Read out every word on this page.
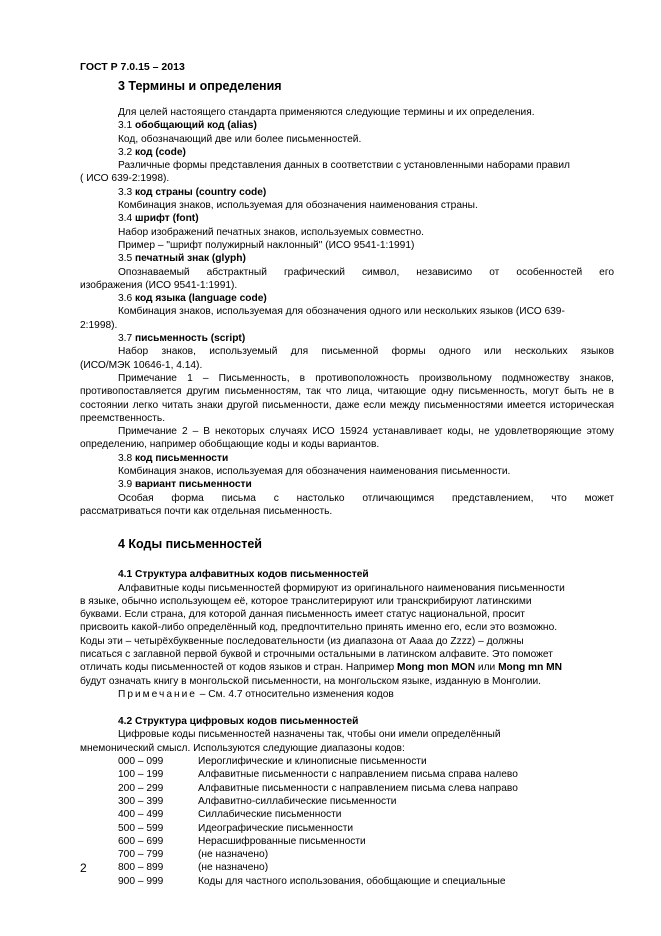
ГОСТ Р 7.0.15 – 2013

3 Термины и определения

Для целей настоящего стандарта применяются следующие термины и их определения.

3.1 обобщающий код (alias)

Код, обозначающий две или более письменностей.

3.2 код (code)

Различные формы представления данных в соответствии с установленными наборами правил

( ИСО 639-2:1998).

3.3 код страны (country code)

Комбинация знаков, используемая для обозначения наименования страны.

3.4 шрифт (font)

Набор изображений печатных знаков, используемых совместно.

Пример – "шрифт полужирный наклонный" (ИСО 9541-1:1991)

3.5 печатный знак (glyph)

Опознаваемый абстрактный графический символ, независимо от особенностей его

изображения (ИСО 9541-1:1991).

3.6 код языка (language code)

Комбинация знаков, используемая для обозначения одного или нескольких языков (ИСО 639-

2:1998).

3.7 письменность (script)

Набор знаков, используемый для письменной формы одного или нескольких языков

(ИСО/МЭК 10646-1, 4.14).

Примечание 1 – Письменность, в противоположность произвольному подмножеству знаков, противопоставляется другим письменностям, так что лица, читающие одну письменность, могут быть не в состоянии легко читать знаки другой письменности, даже если между письменностями имеется историческая преемственность.

Примечание 2 – В некоторых случаях ИСО 15924 устанавливает коды, не удовлетворяющие этому определению, например обобщающие коды и коды вариантов.

3.8 код письменности

Комбинация знаков, используемая для обозначения наименования письменности.

3.9 вариант письменности

Особая форма письма с настолько отличающимся представлением, что может

рассматриваться почти как отдельная письменность.

4 Коды письменностей

4.1 Структура алфавитных кодов письменностей

Алфавитные коды письменностей формируют из оригинального наименования письменности

в языке, обычно использующем её, которое транслитерируют или транскрибируют латинскими

буквами. Если страна, для которой данная письменность имеет статус национальной, просит

присвоить какой-либо определённый код, предпочтительно принять именно его, если это возможно.

Коды эти – четырёхбуквенные последовательности (из диапазона от Аааа до Zzzz) – должны

писаться с заглавной первой буквой и строчными остальными в латинском алфавите. Это поможет

отличать коды письменностей от кодов языков и стран. Например Mong mon MON или Mong mn MN

будут означать книгу в монгольской письменности, на монгольском языке, изданную в Монголии.

Примечание – См. 4.7 относительно изменения кодов

4.2 Структура цифровых кодов письменностей

Цифровые коды письменностей назначены так, чтобы они имели определённый

мнемонический смысл. Используются следующие диапазоны кодов:

000 – 099	Иероглифические и клинописные письменности
100 – 199	Алфавитные письменности с направлением письма справа налево
200 – 299	Алфавитные письменности с направлением письма слева направо
300 – 399	Алфавитно-силлабические письменности
400 – 499	Силлабические письменности
500 – 599	Идеографические письменности
600 – 699	Нерасшифрованные письменности
700 – 799	(не назначено)
800 – 899	(не назначено)
900 – 999	Коды для частного использования, обобщающие и специальные
2
